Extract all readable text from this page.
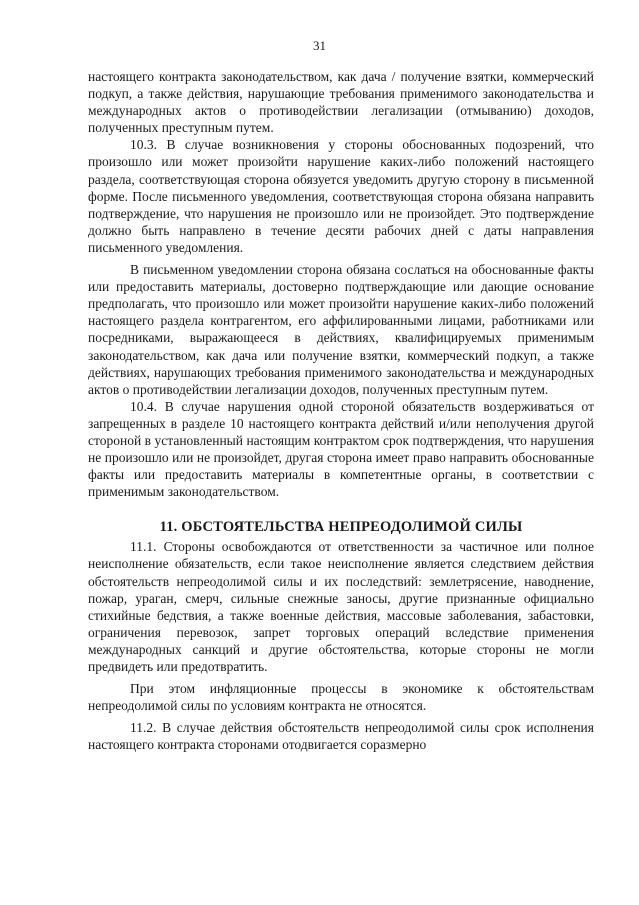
31

настоящего контракта законодательством, как дача / получение взятки, коммерческий подкуп, а также действия, нарушающие требования применимого законодательства и международных актов о противодействии легализации (отмыванию) доходов, полученных преступным путем.

10.3. В случае возникновения у стороны обоснованных подозрений, что произошло или может произойти нарушение каких-либо положений настоящего раздела, соответствующая сторона обязуется уведомить другую сторону в письменной форме. После письменного уведомления, соответствующая сторона обязана направить подтверждение, что нарушения не произошло или не произойдет. Это подтверждение должно быть направлено в течение десяти рабочих дней с даты направления письменного уведомления.

В письменном уведомлении сторона обязана сослаться на обоснованные факты или предоставить материалы, достоверно подтверждающие или дающие основание предполагать, что произошло или может произойти нарушение каких-либо положений настоящего раздела контрагентом, его аффилированными лицами, работниками или посредниками, выражающееся в действиях, квалифицируемых применимым законодательством, как дача или получение взятки, коммерческий подкуп, а также действиях, нарушающих требования применимого законодательства и международных актов о противодействии легализации доходов, полученных преступным путем.

10.4. В случае нарушения одной стороной обязательств воздерживаться от запрещенных в разделе 10 настоящего контракта действий и/или неполучения другой стороной в установленный настоящим контрактом срок подтверждения, что нарушения не произошло или не произойдет, другая сторона имеет право направить обоснованные факты или предоставить материалы в компетентные органы, в соответствии с применимым законодательством.

11. ОБСТОЯТЕЛЬСТВА НЕПРЕОДОЛИМОЙ СИЛЫ

11.1. Стороны освобождаются от ответственности за частичное или полное неисполнение обязательств, если такое неисполнение является следствием действия обстоятельств непреодолимой силы и их последствий: землетрясение, наводнение, пожар, ураган, смерч, сильные снежные заносы, другие признанные официально стихийные бедствия, а также военные действия, массовые заболевания, забастовки, ограничения перевозок, запрет торговых операций вследствие применения международных санкций и другие обстоятельства, которые стороны не могли предвидеть или предотвратить.

При этом инфляционные процессы в экономике к обстоятельствам непреодолимой силы по условиям контракта не относятся.

11.2. В случае действия обстоятельств непреодолимой силы срок исполнения настоящего контракта сторонами отодвигается соразмерно
